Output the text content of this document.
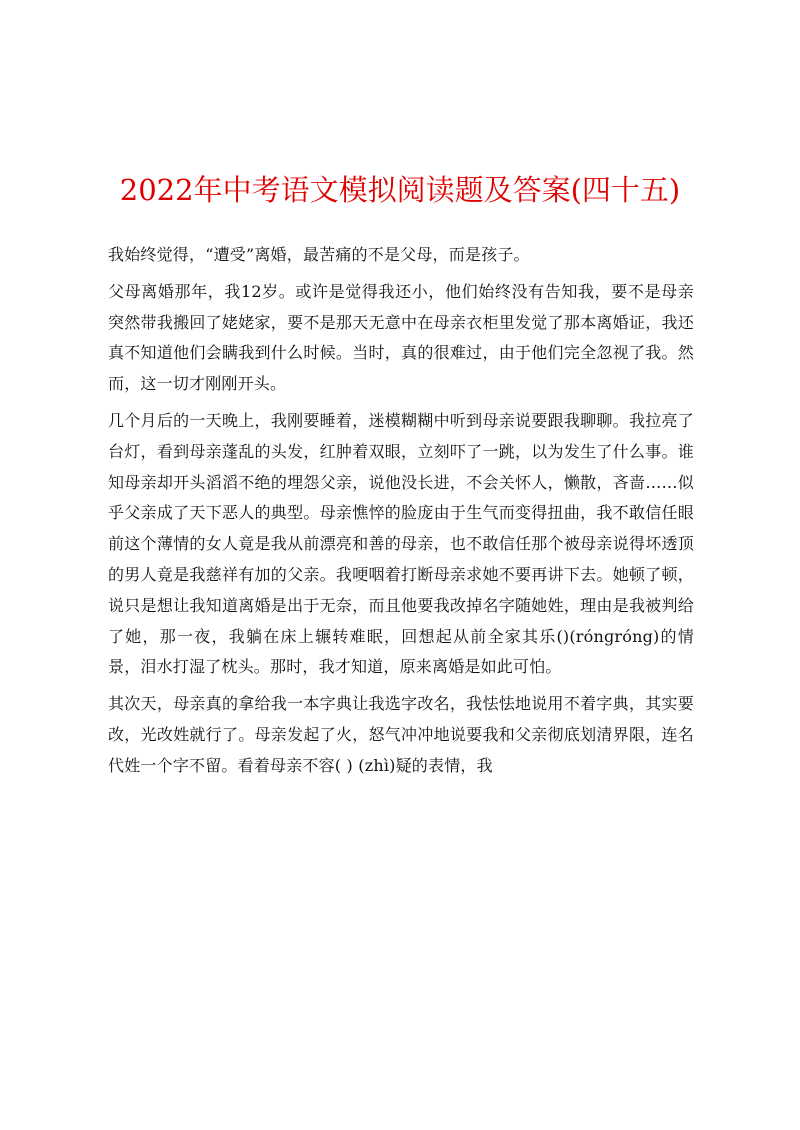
2022年中考语文模拟阅读题及答案(四十五)

我始终觉得，“遭受”离婚，最苦痛的不是父母，而是孩子。

父母离婚那年，我12岁。或许是觉得我还小，他们始终没有告知我，要不是母亲突然带我搬回了姥姥家，要不是那天无意中在母亲衣柜里发觉了那本离婚证，我还真不知道他们会瞒我到什么时候。当时，真的很难过，由于他们完全忽视了我。然而，这一切才刚刚开头。

几个月后的一天晚上，我刚要睡着，迷模糊糊中听到母亲说要跟我聊聊。我拉亮了台灯，看到母亲蓬乱的头发，红肿着双眼，立刻吓了一跳，以为发生了什么事。谁知母亲却开头滔滔不绝的埋怨父亲，说他没长进，不会关怀人，懒散，吝啬……似乎父亲成了天下恶人的典型。母亲憔悴的脸庞由于生气而变得扭曲，我不敢信任眼前这个薄情的女人竟是我从前漂亮和善的母亲，也不敢信任那个被母亲说得坏透顶的男人竟是我慈祥有加的父亲。我哽咽着打断母亲求她不要再讲下去。她顿了顿，说只是想让我知道离婚是出于无奈，而且他要我改掉名字随她姓，理由是我被判给了她，那一夜，我躺在床上辗转难眠，回想起从前全家其乐()(rónɡróng)的情景，泪水打湿了枕头。那时，我才知道，原来离婚是如此可怕。

其次天，母亲真的拿给我一本字典让我选字改名，我怯怯地说用不着字典，其实要改，光改姓就行了。母亲发起了火，怒气冲冲地说要我和父亲彻底划清界限，连名代姓一个字不留。看着母亲不容( ) (zhì)疑的表情，我
